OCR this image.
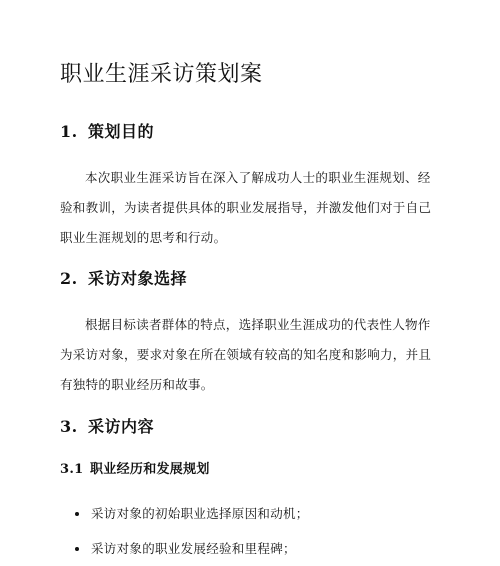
职业生涯采访策划案
1. 策划目的
本次职业生涯采访旨在深入了解成功人士的职业生涯规划、经
验和教训，为读者提供具体的职业发展指导，并激发他们对于自己
职业生涯规划的思考和行动。
2. 采访对象选择
根据目标读者群体的特点，选择职业生涯成功的代表性人物作
为采访对象，要求对象在所在领域有较高的知名度和影响力，并且
有独特的职业经历和故事。
3. 采访内容
3.1 职业经历和发展规划
采访对象的初始职业选择原因和动机；
采访对象的职业发展经验和里程碑；
